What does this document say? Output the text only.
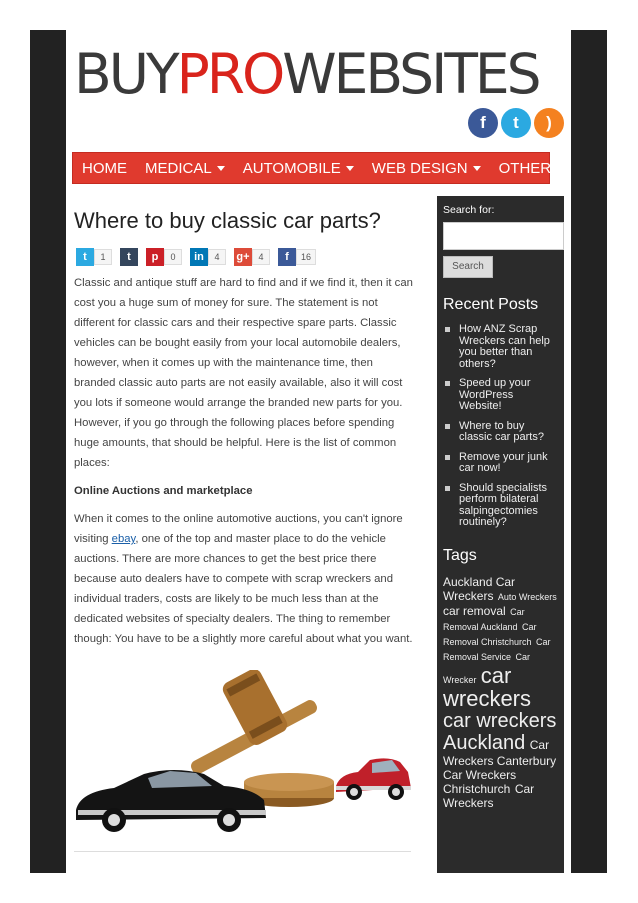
BUYPROWEBSITES
f	t	)
HOME MEDICAL AUTOMOBILE WEB DESIGN OTHER
Where to buy classic car parts?
t	1	t	p	0	in	4	g+ 4	f	16

Classic and antique stuff are hard to find and if we find it, then it can cost you a huge sum of money for sure. The statement is not different for classic cars and their respective spare parts. Classic vehicles can be bought easily from your local automobile dealers, however, when it comes up with the maintenance time, then branded classic auto parts are not easily available, also it will cost you lots if someone would arrange the branded new parts for you. However, if you go through the following places before spending huge amounts, that should be helpful. Here is the list of common places:

Online Auctions and marketplace

When it comes to the online automotive auctions, you can't ignore visiting ebay, one of the top and master place to do the vehicle auctions. There are more chances to get the best price there because auto dealers have to compete with scrap wreckers and individual traders, costs are likely to be much less than at the dedicated websites of specialty dealers. The thing to remember though: You have to be a slightly more careful about what you want.

Search for:
Search
Recent Posts
How ANZ Scrap Wreckers can help you better than others?
Speed up your WordPress Website!
Where to buy classic car parts?
Remove your junk car now!
Should specialists perform bilateral salpingectomies routinely?
Tags
Auckland Car Wreckers Auto Wreckers car removal Car Removal Auckland Car Removal Christchurch Car Removal Service Car Wrecker car wreckers car wreckers Auckland Car Wreckers Canterbury Car Wreckers Christchurch Car Wreckers
